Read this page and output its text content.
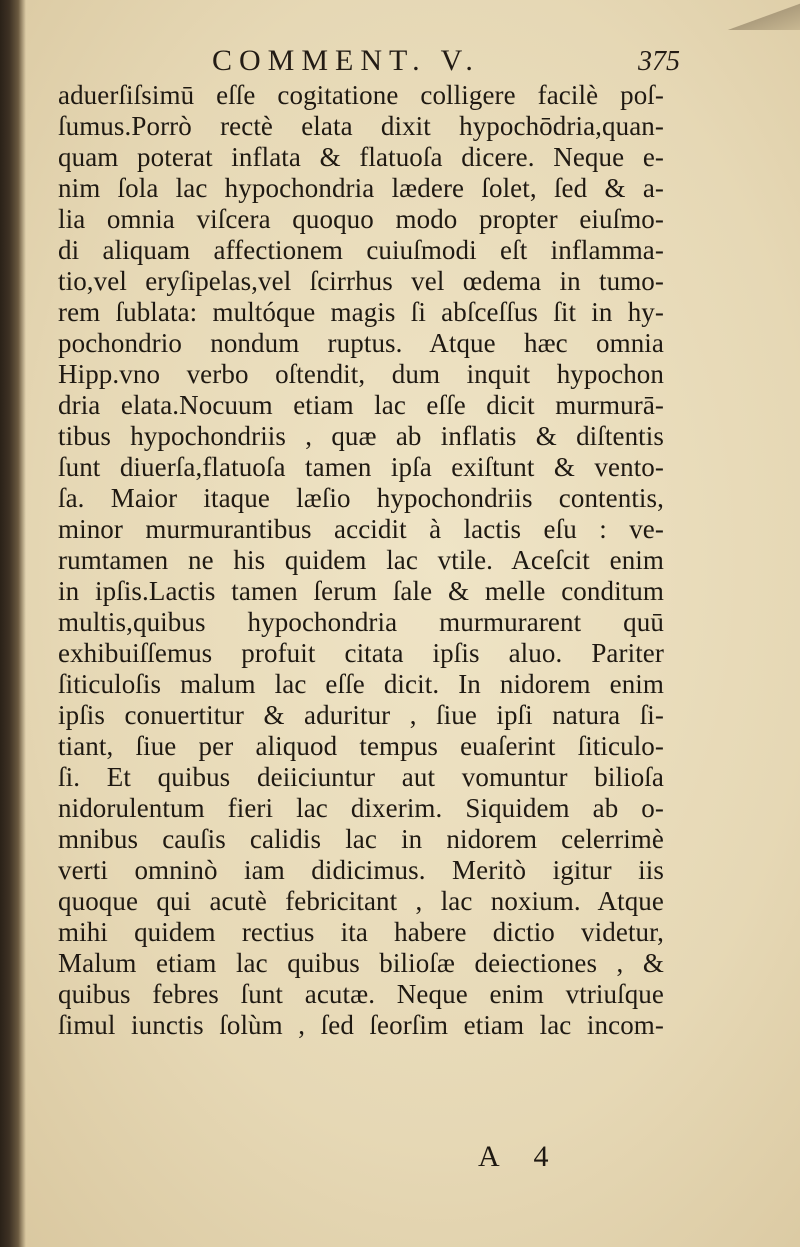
COMMENT. V.	375
aduerſiſsimū eſſe cogitatione colligere facilè poſ-
ſumus.Porrò rectè elata dixit hypochōdria,quan-
quam poterat inflata & flatuoſa dicere. Neque e-
nim ſola lac hypochondria lædere ſolet, ſed & a-
lia omnia viſcera quoquo modo propter eiuſmo-
di aliquam affectionem cuiuſmodi eſt inflamma-
tio,vel eryſipelas,vel ſcirrhus vel œdema in tumo-
rem ſublata: multóque magis ſi abſceſſus ſit in hy-
pochondrio nondum ruptus. Atque hæc omnia
Hipp.vno verbo oſtendit, dum inquit hypochon
dria elata.Nocuum etiam lac eſſe dicit murmurā-
tibus hypochondriis , quæ ab inflatis & diſtentis
ſunt diuerſa,flatuoſa tamen ipſa exiſtunt & vento-
ſa. Maior itaque læſio hypochondriis contentis,
minor murmurantibus accidit à lactis eſu : ve-
rumtamen ne his quidem lac vtile. Aceſcit enim
in ipſis.Lactis tamen ſerum ſale & melle conditum
multis,quibus hypochondria murmurarent quū
exhibuiſſemus profuit citata ipſis aluo. Pariter
ſiticuloſis malum lac eſſe dicit. In nidorem enim
ipſis conuertitur & aduritur , ſiue ipſi natura ſi-
tiant, ſiue per aliquod tempus euaſerint ſiticulo-
ſi. Et quibus deiiciuntur aut vomuntur bilioſa
nidorulentum fieri lac dixerim. Siquidem ab o-
mnibus cauſis calidis lac in nidorem celerrimè
verti omninò iam didicimus. Meritò igitur iis
quoque qui acutè febricitant , lac noxium. Atque
mihi quidem rectius ita habere dictio videtur,
Malum etiam lac quibus bilioſæ deiectiones , &
quibus febres ſunt acutæ. Neque enim vtriuſque
ſimul iunctis ſolùm , ſed ſeorſim etiam lac incom-
A 4
